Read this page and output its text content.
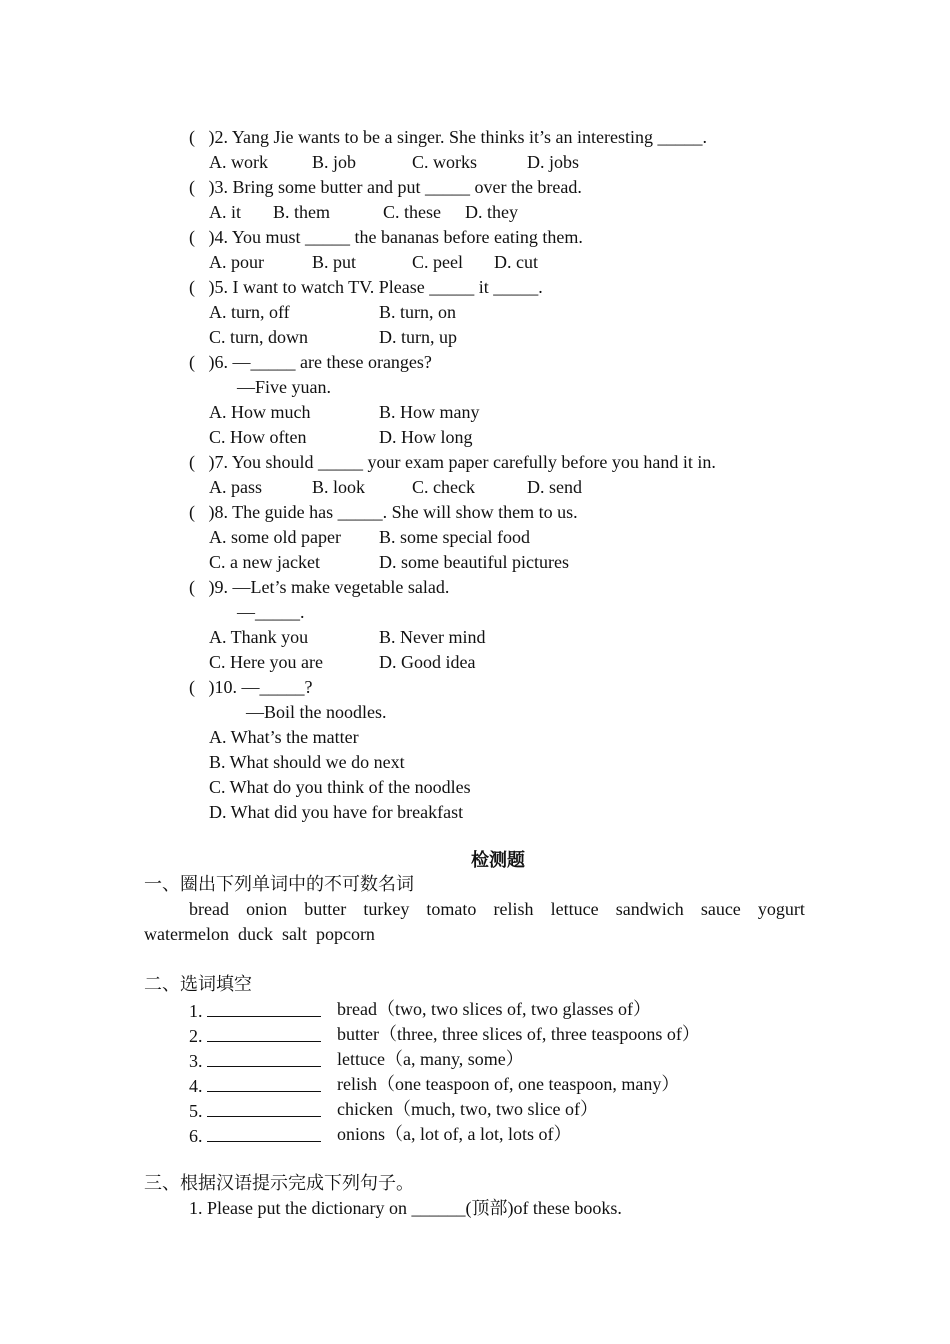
(   )2. Yang Jie wants to be a singer. She thinks it’s an interesting _____.

A. work

B. job

	C. works

	D. jobs

(   )3. Bring some butter and put _____ over the bread.

A. it

B. them

	C. these

D. they

(   )4. You must _____ the bananas before eating them.

A. pour

	B. put

	C. peel

D. cut

(   )5. I want to watch TV. Please _____ it _____.

A. turn, off

	B. turn, on

C. turn, down

	D. turn, up

(   )6. —_____ are these oranges?
—Five yuan.

A. How much

	B. How many

C. How often

	D. How long

(   )7. You should _____ your exam paper carefully before you hand it in.

A. pass

	B. look

	C. check

	D. send

(   )8. The guide has _____. She will show them to us.

A. some old paper

B. some special food

C. a new jacket

	D. some beautiful pictures

(   )9. —Let’s make vegetable salad.
—_____.

A. Thank you

	B. Never mind

C. Here you are

	D. Good idea

(   )10. —_____?
—Boil the noodles.
A. What’s the matter
B. What should we do next
C. What do you think of the noodles
D. What did you have for breakfast
检测题
一、圈出下列单词中的不可数名词
bread onion butter turkey tomato relish lettuce sandwich sauce yogurt
watermelon  duck  salt  popcorn
二、选词填空
1.	bread（two, two slices of, two glasses of）
2.	butter（three, three slices of, three teaspoons of）
3.	lettuce（a, many, some）
4.	relish（one teaspoon of, one teaspoon, many）
5.	chicken（much, two, two slice of）
6.	onions（a, lot of, a lot, lots of）
三、根据汉语提示完成下列句子。
1. Please put the dictionary on ______(顶部)of these books.
